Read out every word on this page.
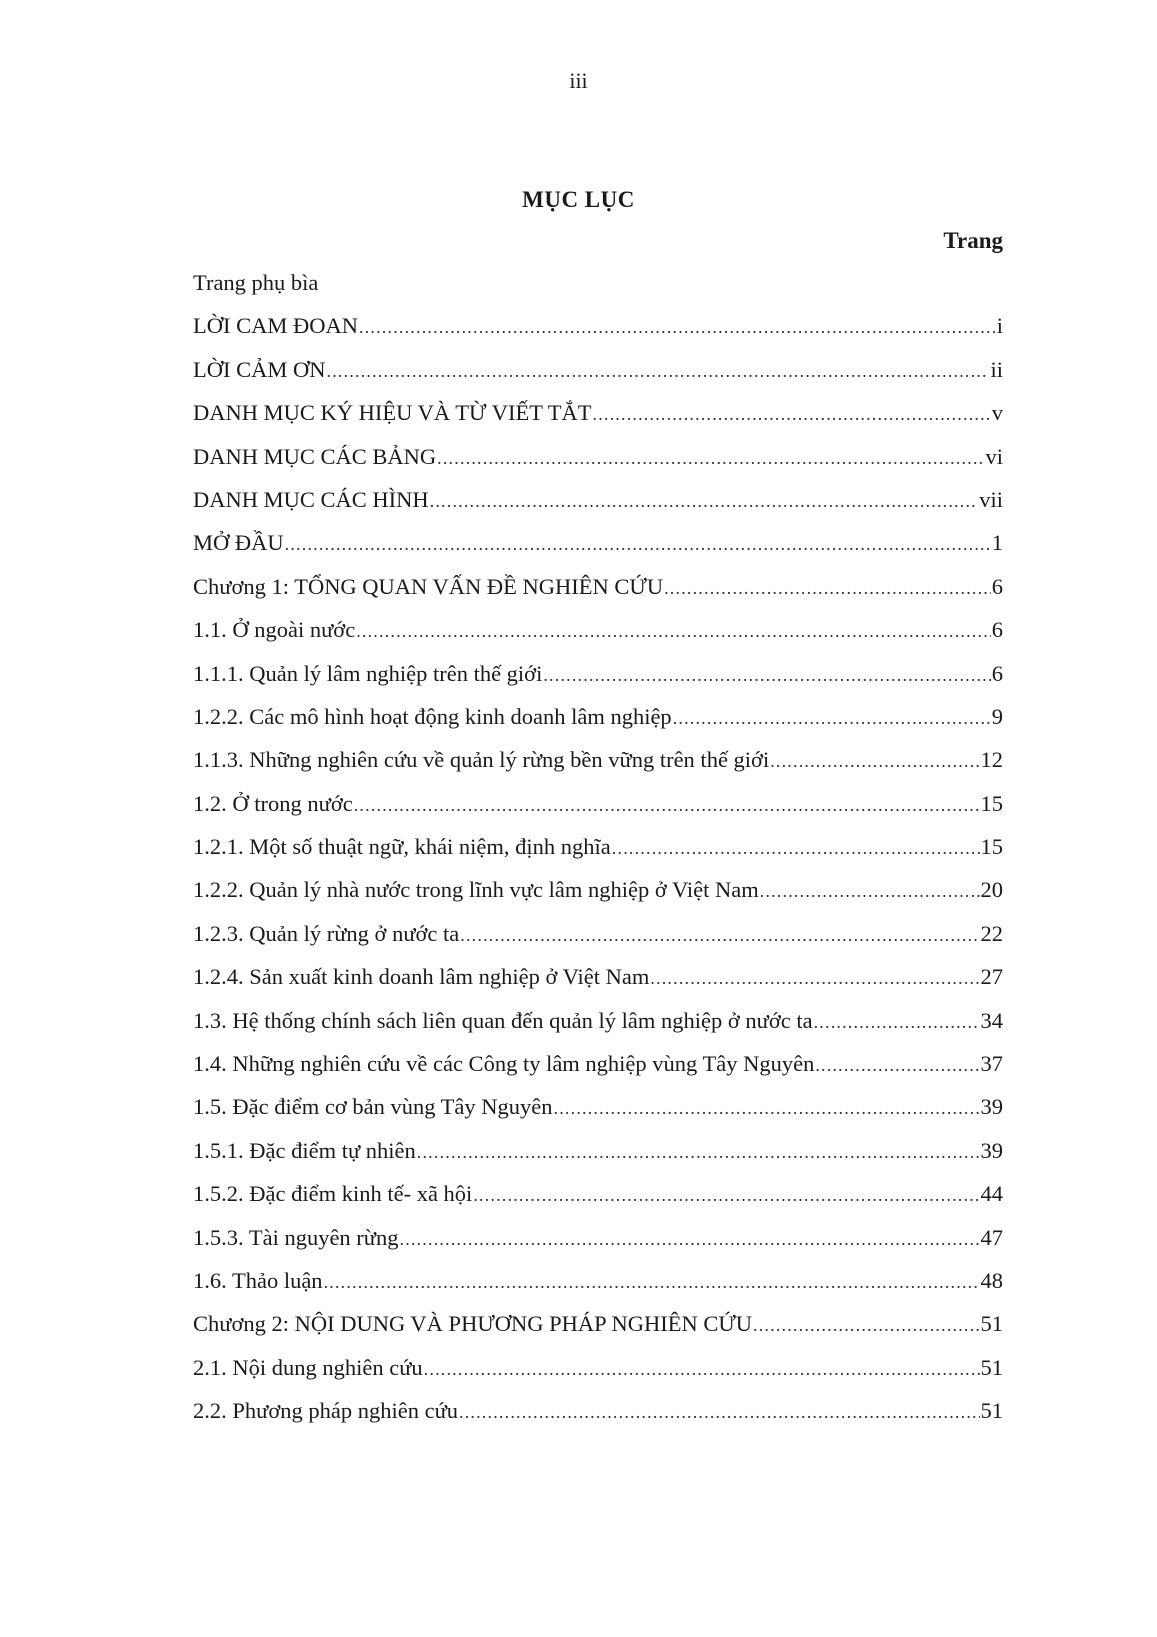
iii
MỤC LỤC
Trang
Trang phụ bìa
LỜI CAM ĐOAN .....	i
LỜI CẢM ƠN .....	ii
DANH MỤC KÝ HIỆU VÀ TỪ VIẾT TẮT .....	v
DANH MỤC CÁC BẢNG .....	vi
DANH MỤC CÁC HÌNH .....	vii
MỞ ĐẦU .....	1
Chương 1: TỔNG QUAN VẤN ĐỀ NGHIÊN CỨU .....	6
1.1. Ở ngoài nước .....	6
1.1.1. Quản lý lâm nghiệp trên thế giới .....	6
1.2.2. Các mô hình hoạt động kinh doanh lâm nghiệp .....	9
1.1.3. Những nghiên cứu về quản lý rừng bền vững trên thế giới .....	12
1.2. Ở trong nước .....	15
1.2.1. Một số thuật ngữ, khái niệm, định nghĩa .....	15
1.2.2. Quản lý nhà nước trong lĩnh vực lâm nghiệp ở Việt Nam .....	20
1.2.3. Quản lý rừng ở nước ta .....	22
1.2.4. Sản xuất kinh doanh lâm nghiệp ở Việt Nam .....	27
1.3. Hệ thống chính sách liên quan đến quản lý lâm nghiệp ở nước ta .....	34
1.4. Những nghiên cứu về các Công ty lâm nghiệp vùng Tây Nguyên .....	37
1.5. Đặc điểm cơ bản vùng Tây Nguyên .....	39
1.5.1. Đặc điểm tự nhiên .....	39
1.5.2. Đặc điểm kinh tế- xã hội .....	44
1.5.3. Tài nguyên rừng .....	47
1.6. Thảo luận .....	48
Chương 2: NỘI DUNG VÀ PHƯƠNG PHÁP NGHIÊN CỨU .....	51
2.1. Nội dung nghiên cứu .....	51
2.2. Phương pháp nghiên cứu .....	51
